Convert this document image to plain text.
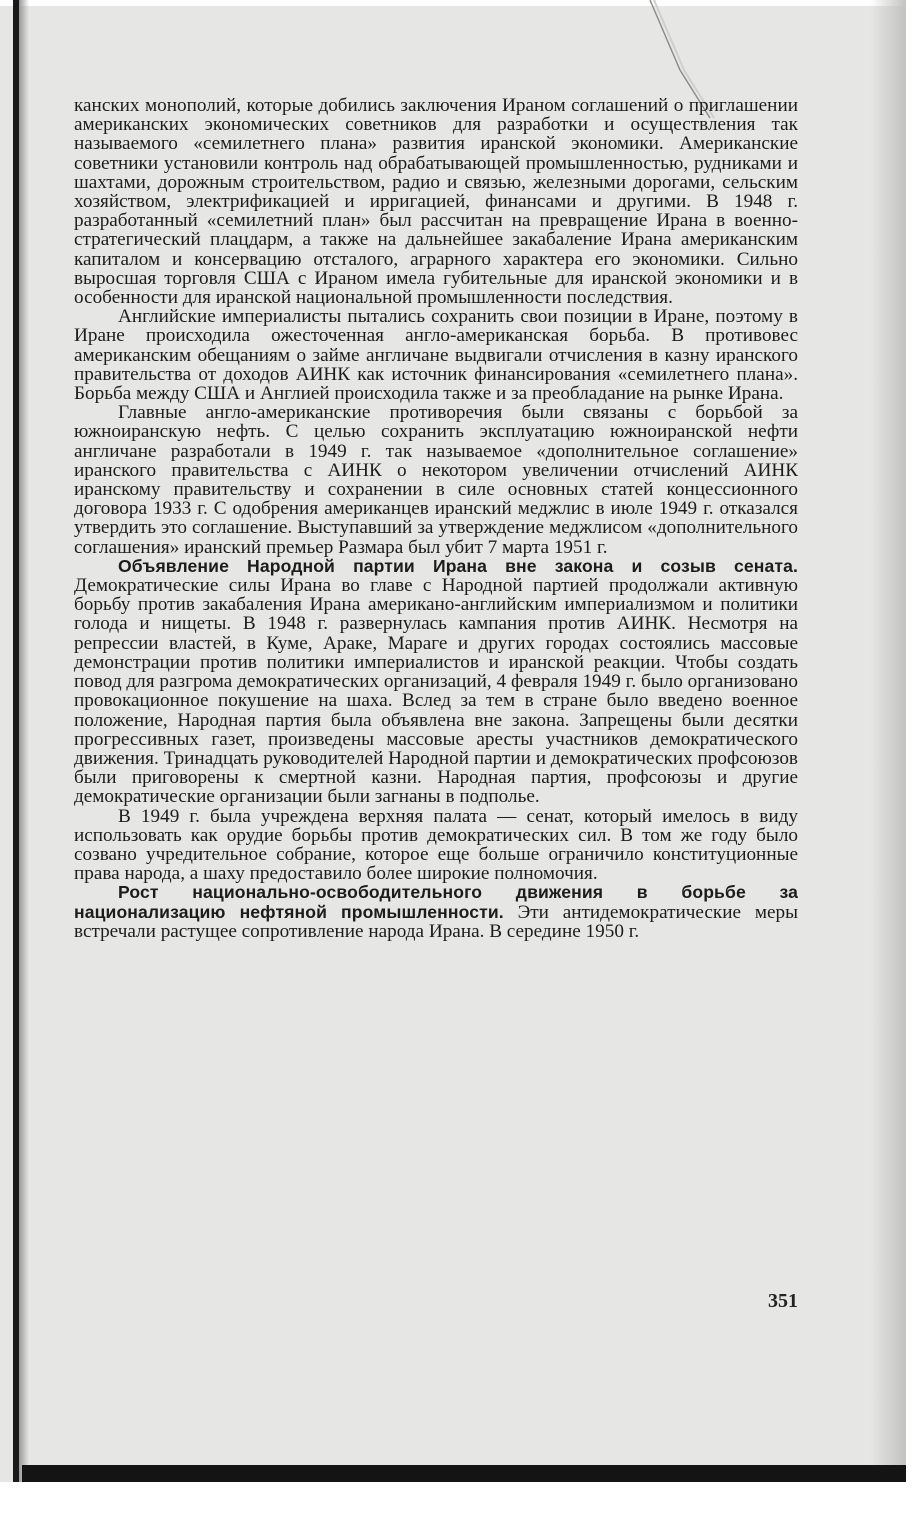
канских монополий, которые добились заключения Ираном соглашений о приглашении американских экономических советников для разработки и осуществления так называемого «семилетнего плана» развития иранской экономики. Американские советники установили контроль над обрабатывающей промышленностью, рудниками и шахтами, дорожным строительством, радио и связью, железными дорогами, сельским хозяйством, электрификацией и ирригацией, финансами и другими. В 1948 г. разработанный «семилетний план» был рассчитан на превращение Ирана в военно-стратегический плацдарм, а также на дальнейшее закабаление Ирана американским капиталом и консервацию отсталого, аграрного характера его экономики. Сильно выросшая торговля США с Ираном имела губительные для иранской экономики и в особенности для иранской национальной промышленности последствия.

Английские империалисты пытались сохранить свои позиции в Иране, поэтому в Иране происходила ожесточенная англо-американская борьба. В противовес американским обещаниям о займе англичане выдвигали отчисления в казну иранского правительства от доходов АИНК как источник финансирования «семилетнего плана». Борьба между США и Англией происходила также и за преобладание на рынке Ирана.

Главные англо-американские противоречия были связаны с борьбой за южноиранскую нефть. С целью сохранить эксплуатацию южноиранской нефти англичане разработали в 1949 г. так называемое «дополнительное соглашение» иранского правительства с АИНК о некотором увеличении отчислений АИНК иранскому правительству и сохранении в силе основных статей концессионного договора 1933 г. С одобрения американцев иранский меджлис в июле 1949 г. отказался утвердить это соглашение. Выступавший за утверждение меджлисом «дополнительного соглашения» иранский премьер Размара был убит 7 марта 1951 г.

Объявление Народной партии Ирана вне закона и созыв сената. Демократические силы Ирана во главе с Народной партией продолжали активную борьбу против закабаления Ирана американо-английским империализмом и политики голода и нищеты. В 1948 г. развернулась кампания против АИНК. Несмотря на репрессии властей, в Куме, Араке, Мараге и других городах состоялись массовые демонстрации против политики империалистов и иранской реакции. Чтобы создать повод для разгрома демократических организаций, 4 февраля 1949 г. было организовано провокационное покушение на шаха. Вслед за тем в стране было введено военное положение, Народная партия была объявлена вне закона. Запрещены были десятки прогрессивных газет, произведены массовые аресты участников демократического движения. Тринадцать руководителей Народной партии и демократических профсоюзов были приговорены к смертной казни. Народная партия, профсоюзы и другие демократические организации были загнаны в подполье.

В 1949 г. была учреждена верхняя палата — сенат, который имелось в виду использовать как орудие борьбы против демократических сил. В том же году было созвано учредительное собрание, которое еще больше ограничило конституционные права народа, а шаху предоставило более широкие полномочия.

Рост национально-освободительного движения в борьбе за национализацию нефтяной промышленности. Эти антидемократические меры встречали растущее сопротивление народа Ирана. В середине 1950 г.

351
